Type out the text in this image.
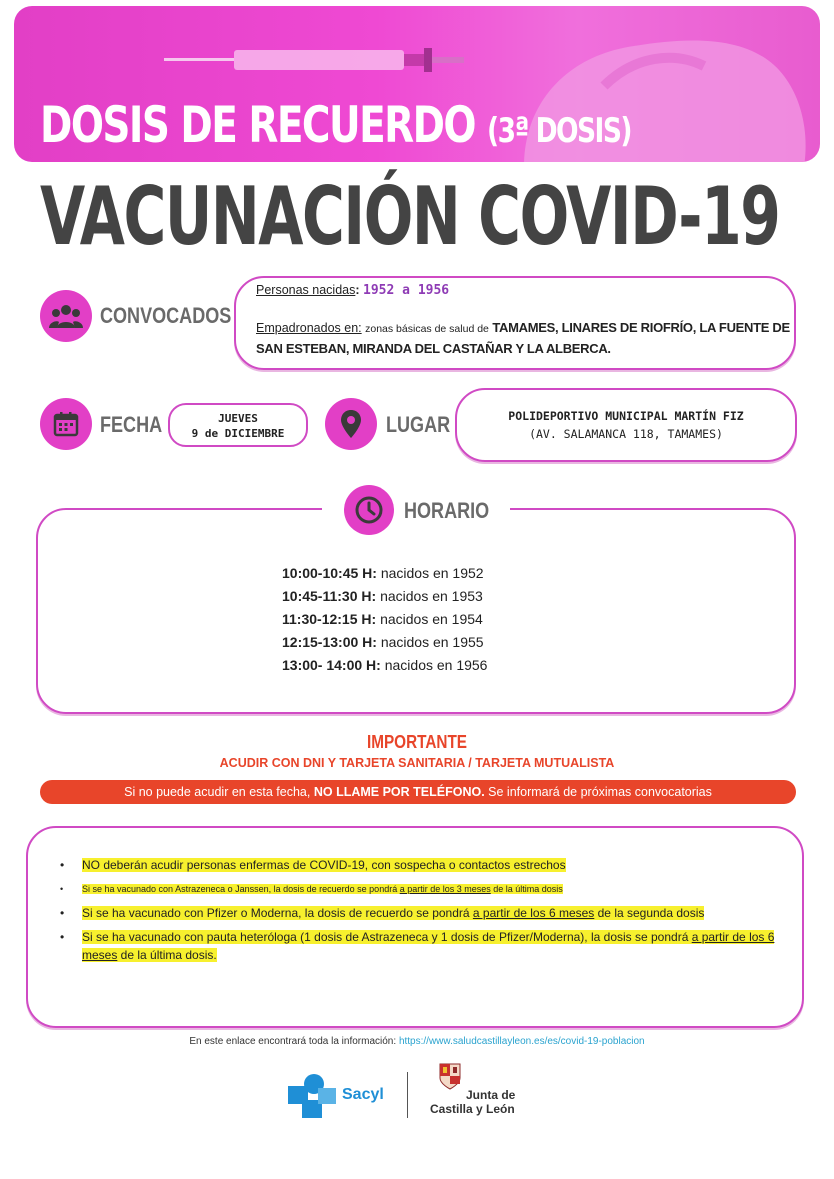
DOSIS DE RECUERDO (3ª DOSIS)
VACUNACIÓN COVID-19
CONVOCADOS
Personas nacidas: 1952 a 1956
Empadronados en: zonas básicas de salud de TAMAMES, LINARES DE RIOFRÍO, LA FUENTE DE SAN ESTEBAN, MIRANDA DEL CASTAÑAR Y LA ALBERCA.
FECHA	JUEVES
9 de DICIEMBRE	LUGAR	POLIDEPORTIVO MUNICIPAL MARTÍN FIZ
(AV. SALAMANCA 118, TAMAMES)
HORARIO
10:00-10:45 H: nacidos en 1952
10:45-11:30 H: nacidos en 1953
11:30-12:15 H: nacidos en 1954
12:15-13:00 H: nacidos en 1955
13:00- 14:00 H: nacidos en 1956
IMPORTANTE
ACUDIR CON DNI Y TARJETA SANITARIA / TARJETA MUTUALISTA
Si no puede acudir en esta fecha, NO LLAME POR TELÉFONO. Se informará de próximas convocatorias
•	NO deberán acudir personas enfermas de COVID-19, con sospecha o contactos estrechos
•	Si se ha vacunado con Astrazeneca o Janssen, la dosis de recuerdo se pondrá a partir de los 3 meses de la última dosis
•	Si se ha vacunado con Pfizer o Moderna, la dosis de recuerdo se pondrá a partir de los 6 meses de la segunda dosis
•	Si se ha vacunado con pauta heteróloga (1 dosis de Astrazeneca y 1 dosis de Pfizer/Moderna), la dosis se pondrá a partir de los 6 meses de la última dosis.
En este enlace encontrará toda la información: https://www.saludcastillayleon.es/es/covid-19-poblacion
Sacyl	Junta de
Castilla y León
